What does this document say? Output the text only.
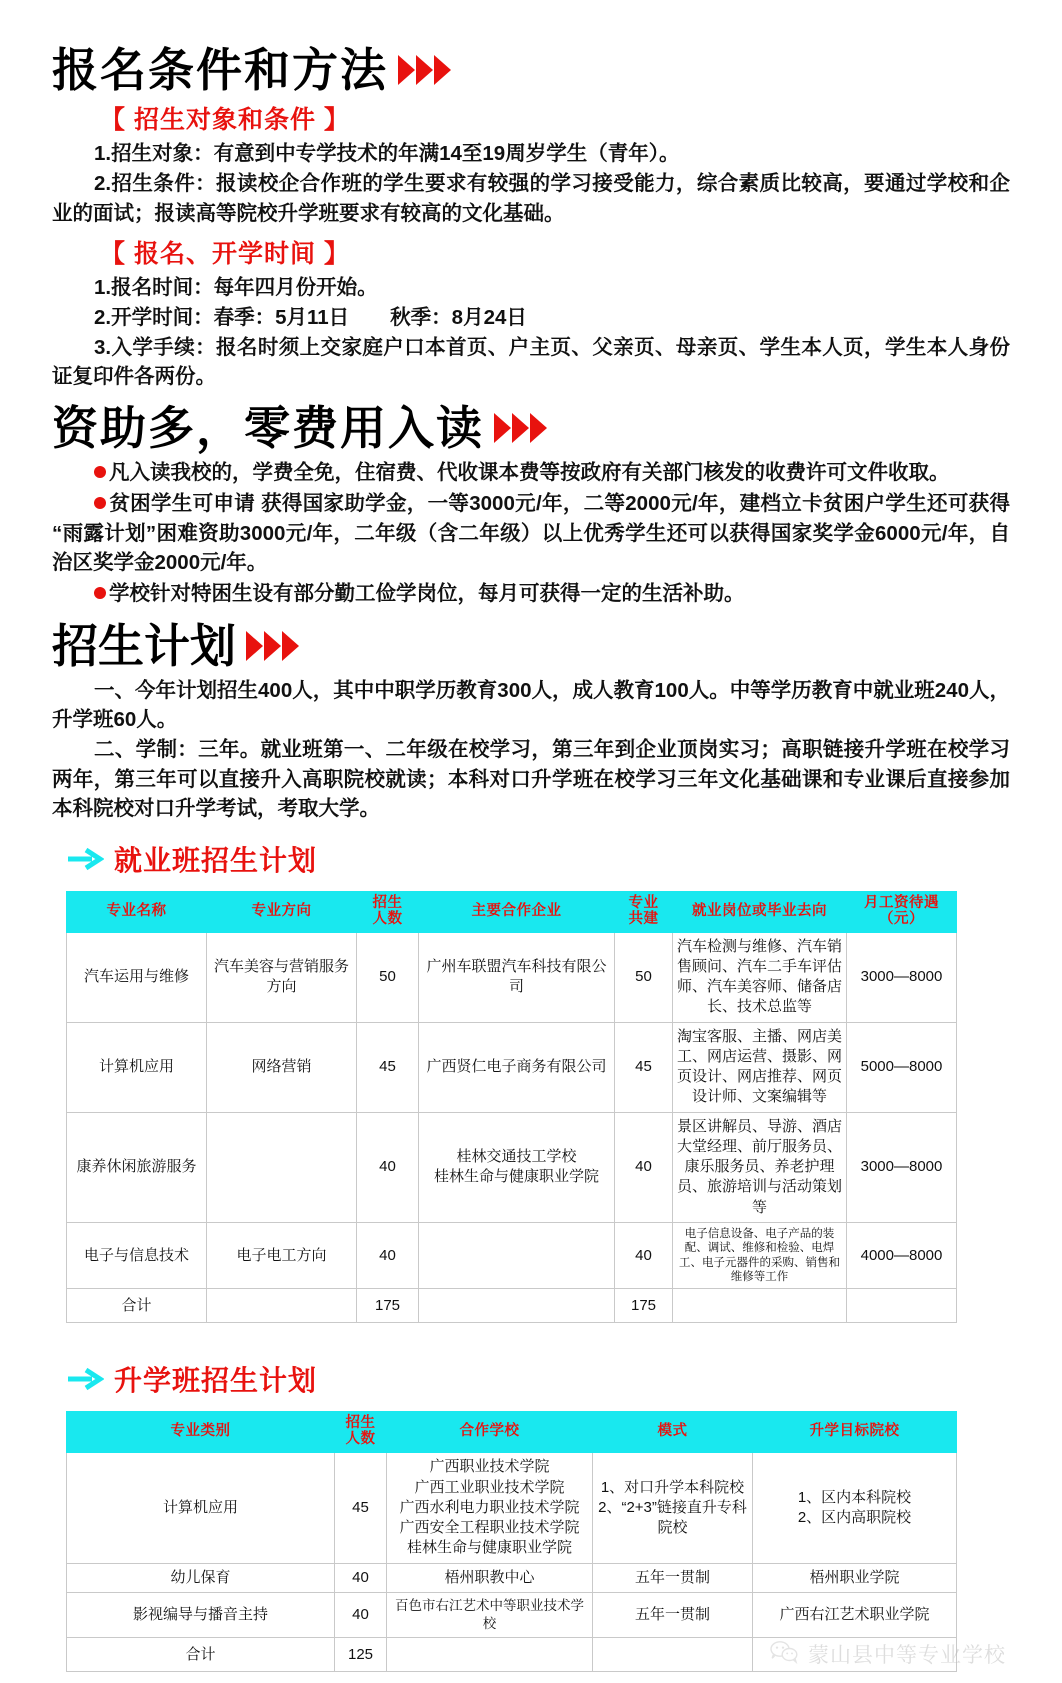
报名条件和方法
【 招生对象和条件 】

1.招生对象：有意到中专学技术的年满14至19周岁学生（青年）。

2.招生条件：报读校企合作班的学生要求有较强的学习接受能力，综合素质比较高，要通过学校和企业的面试；报读高等院校升学班要求有较高的文化基础。

【 报名、开学时间 】

1.报名时间：每年四月份开始。

2.开学时间：春季：5月11日　　秋季：8月24日

3.入学手续：报名时须上交家庭户口本首页、户主页、父亲页、母亲页、学生本人页，学生本人身份证复印件各两份。

资助多，零费用入读

凡入读我校的，学费全免，住宿费、代收课本费等按政府有关部门核发的收费许可文件收取。

贫困学生可申请 获得国家助学金，一等3000元/年，二等2000元/年，建档立卡贫困户学生还可获得“雨露计划”困难资助3000元/年，二年级（含二年级）以上优秀学生还可以获得国家奖学金6000元/年，自治区奖学金2000元/年。

学校针对特困生设有部分勤工俭学岗位，每月可获得一定的生活补助。

招生计划

一、今年计划招生400人，其中中职学历教育300人，成人教育100人。中等学历教育中就业班240人，升学班60人。

二、学制：三年。就业班第一、二年级在校学习，第三年到企业顶岗实习；高职链接升学班在校学习两年，第三年可以直接升入高职院校就读；本科对口升学班在校学习三年文化基础课和专业课后直接参加本科院校对口升学考试，考取大学。

就业班招生计划
专业名称	专业方向	招生
人数	主要合作企业	专业
共建	就业岗位或毕业去向	月工资待遇（元）
汽车运用与维修	汽车美容与营销服务方向	50	广州车联盟汽车科技有限公司	50	汽车检测与维修、汽车销售顾问、汽车二手车评估师、汽车美容师、储备店长、技术总监等	3000—8000
计算机应用	网络营销	45	广西贤仁电子商务有限公司	45	淘宝客服、主播、网店美工、网店运营、摄影、网页设计、网店推荐、网页设计师、文案编辑等	5000—8000
康养休闲旅游服务		40	桂林交通技工学校
桂林生命与健康职业学院	40	景区讲解员、导游、酒店大堂经理、前厅服务员、康乐服务员、养老护理员、旅游培训与活动策划等	3000—8000
电子与信息技术	电子电工方向	40		40	电子信息设备、电子产品的装配、调试、维修和检验、电焊工、电子元器件的采购、销售和维修等工作	4000—8000
合计		175		175		
升学班招生计划
专业类别	招生
人数	合作学校	模式	升学目标院校
计算机应用	45	广西职业技术学院
广西工业职业技术学院
广西水利电力职业技术学院
广西安全工程职业技术学院
桂林生命与健康职业学院	1、对口升学本科院校
2、“2+3”链接直升专科院校	1、区内本科院校
2、区内高职院校
幼儿保育	40	梧州职教中心	五年一贯制	梧州职业学院
影视编导与播音主持	40	百色市右江艺术中等职业技术学校	五年一贯制	广西右江艺术职业学院
合计	125				蒙山县中等专业学校
